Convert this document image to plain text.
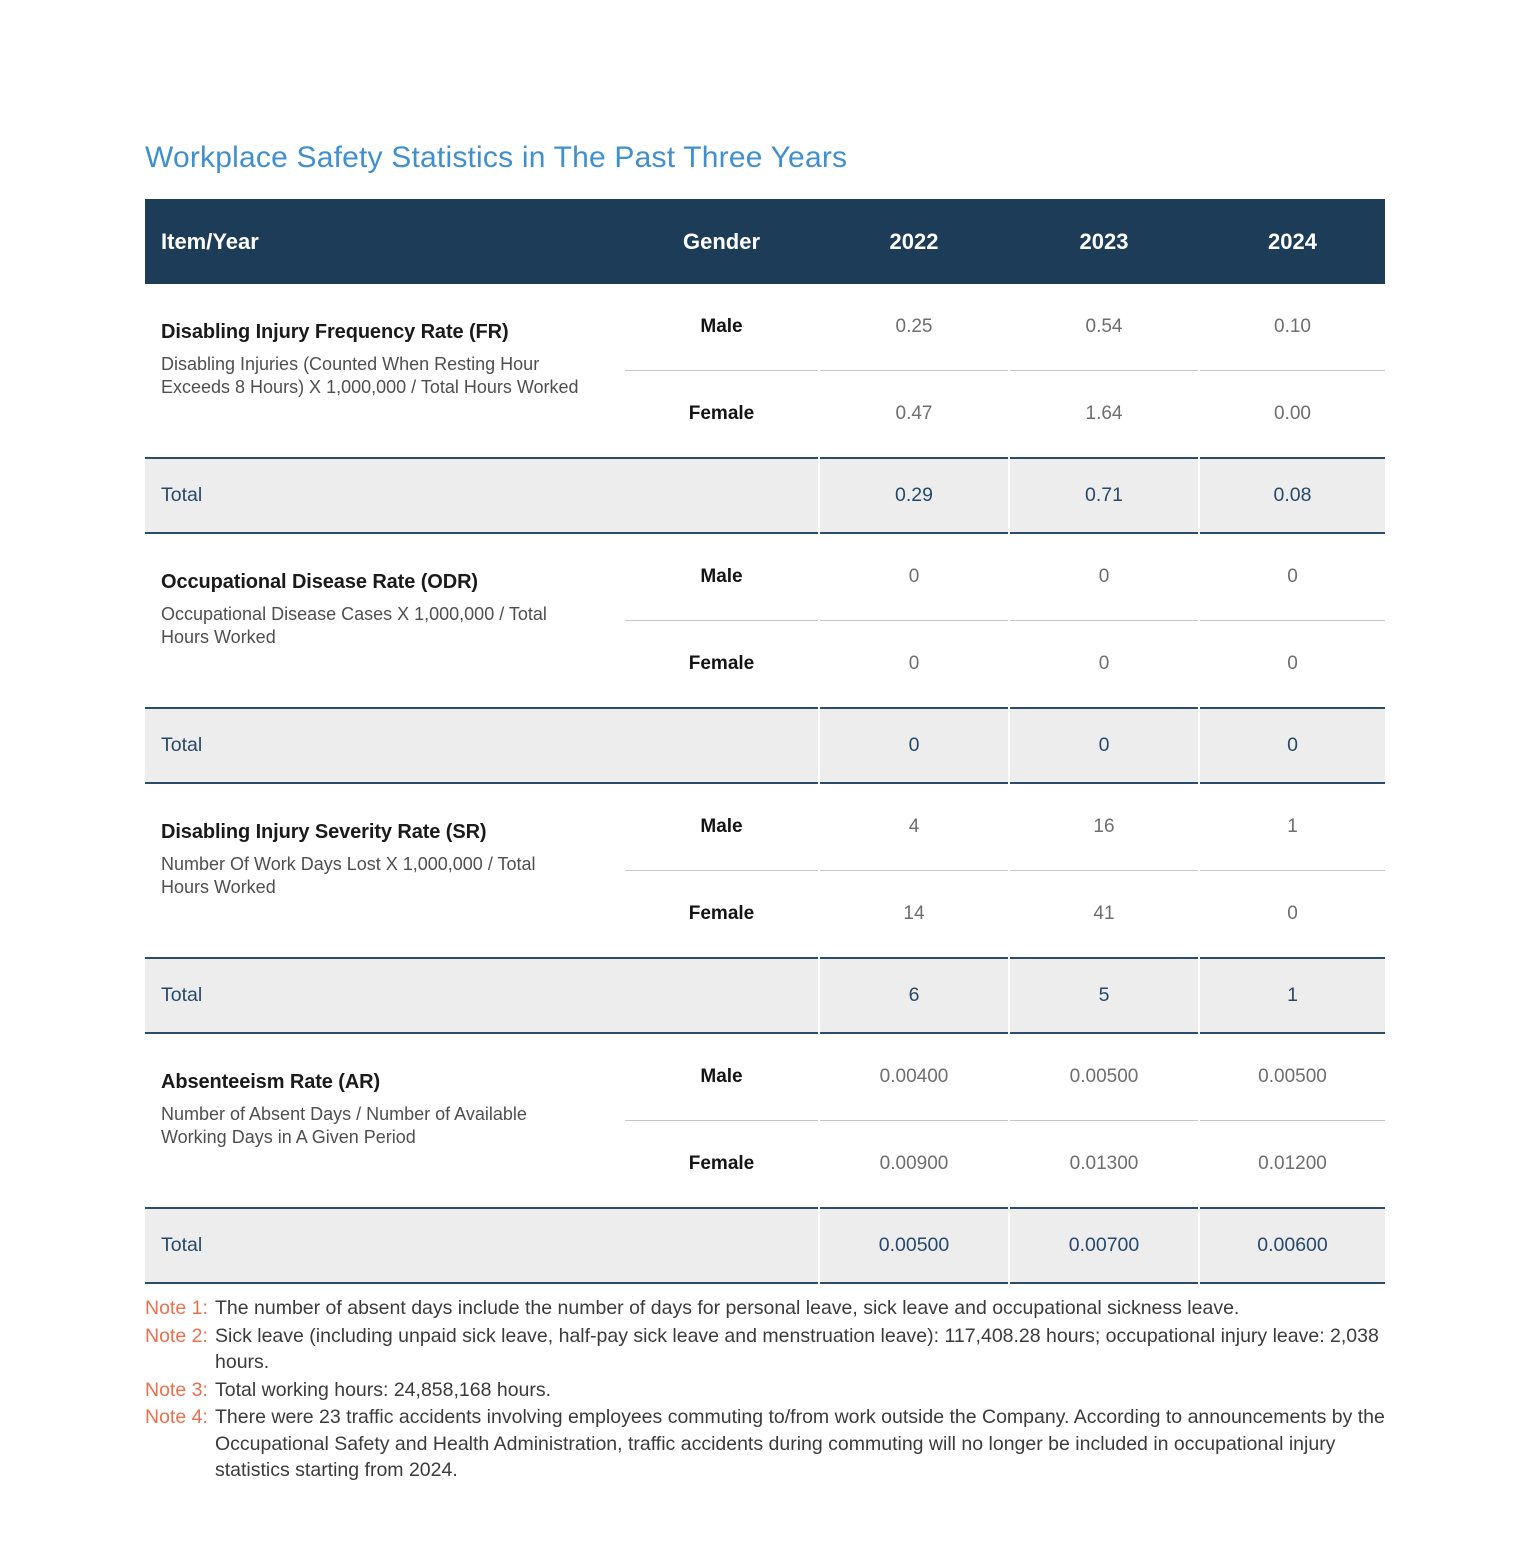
Workplace Safety Statistics in The Past Three Years
Item/Year	Gender	2022	2023	2024
Disabling Injury Frequency Rate (FR)
Disabling Injuries (Counted When Resting Hour Exceeds 8 Hours) X 1,000,000 / Total Hours Worked
Male	0.25	0.54	0.10
Female	0.47	1.64	0.00
Total	0.29	0.71	0.08
Occupational Disease Rate (ODR)
Occupational Disease Cases X 1,000,000 / Total Hours Worked
Male	0	0	0
Female	0	0	0
Total	0	0	0
Disabling Injury Severity Rate (SR)
Number Of Work Days Lost X 1,000,000 / Total Hours Worked
Male	4	16	1
Female	14	41	0
Total	6	5	1
Absenteeism Rate (AR)
Number of Absent Days / Number of Available Working Days in A Given Period
Male	0.00400	0.00500	0.00500
Female	0.00900	0.01300	0.01200
Total	0.00500	0.00700	0.00600
Note 1: The number of absent days include the number of days for personal leave, sick leave and occupational sickness leave.
Note 2: Sick leave (including unpaid sick leave, half-pay sick leave and menstruation leave): 117,408.28 hours; occupational injury leave: 2,038 hours.
Note 3: Total working hours: 24,858,168 hours.
Note 4: There were 23 traffic accidents involving employees commuting to/from work outside the Company. According to announcements by the Occupational Safety and Health Administration, traffic accidents during commuting will no longer be included in occupational injury statistics starting from 2024.
